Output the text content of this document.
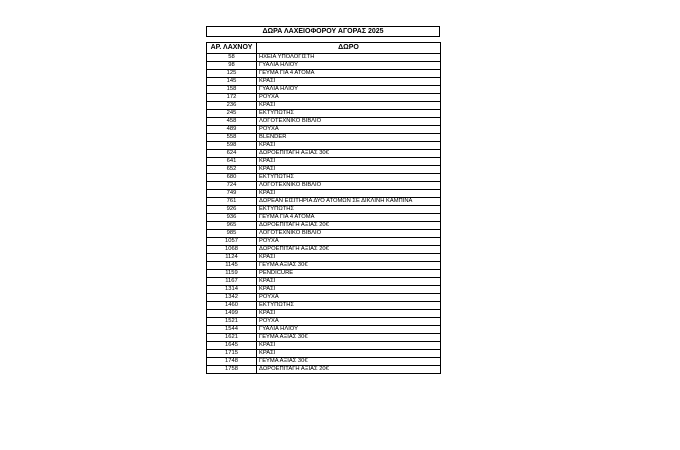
ΔΩΡΑ ΛΑΧΕΙΟΦΟΡΟΥ ΑΓΟΡΑΣ 2025
ΑΡ. ΛΑΧΝΟΥ	ΔΩΡΟ
58	ΗΧΕΙΑ ΥΠΟΛΟΓΙΣΤΗ
98	ΓΥΑΛΙΑ ΗΛΙΟΥ
125	ΓΕΥΜΑ ΓΙΑ 4 ΑΤΟΜΑ
145	ΚΡΑΣΙ
158	ΓΥΑΛΙΑ ΗΛΙΟΥ
172	ΡΟΥΧΑ
236	ΚΡΑΣΙ
245	ΕΚΤΥΠΩΤΗΣ
458	ΛΟΓΟΤΕΧΝΙΚΟ ΒΙΒΛΙΟ
489	ΡΟΥΧΑ
558	BLENDER
598	ΚΡΑΣΙ
624	ΔΩΡΟΕΠΙΤΑΓΗ ΑΞΙΑΣ 30€
641	ΚΡΑΣΙ
652	ΚΡΑΣΙ
680	ΕΚΤΥΠΩΤΗΣ
724	ΛΟΓΟΤΕΧΝΙΚΟ ΒΙΒΛΙΟ
749	ΚΡΑΣΙ
761	ΔΩΡΕΑΝ ΕΙΣΙΤΗΡΙΑ ΔΥΟ ΑΤΟΜΩΝ ΣΕ ΔΙΚΛΙΝΗ ΚΑΜΠΙΝΑ
926	ΕΚΤΥΠΩΤΗΣ
936	ΓΕΥΜΑ ΓΙΑ 4 ΑΤΟΜΑ
965	ΔΩΡΟΕΠΙΤΑΓΗ ΑΞΙΑΣ 20€
985	ΛΟΓΟΤΕΧΝΙΚΟ ΒΙΒΛΙΟ
1057	ΡΟΥΧΑ
1068	ΔΩΡΟΕΠΙΤΑΓΗ ΑΞΙΑΣ 20€
1124	ΚΡΑΣΙ
1145	ΓΕΥΜΑ ΑΞΙΑΣ 30€
1159	PENDICURE
1167	ΚΡΑΣΙ
1314	ΚΡΑΣΙ
1342	ΡΟΥΧΑ
1460	ΕΚΤΥΠΩΤΗΣ
1499	ΚΡΑΣΙ
1521	ΡΟΥΧΑ
1544	ΓΥΑΛΙΑ ΗΛΙΟΥ
1621	ΓΕΥΜΑ ΑΞΙΑΣ 30€
1645	ΚΡΑΣΙ
1715	ΚΡΑΣΙ
1748	ΓΕΥΜΑ ΑΞΙΑΣ 30€
1758	ΔΩΡΟΕΠΙΤΑΓΗ ΑΞΙΑΣ 20€
